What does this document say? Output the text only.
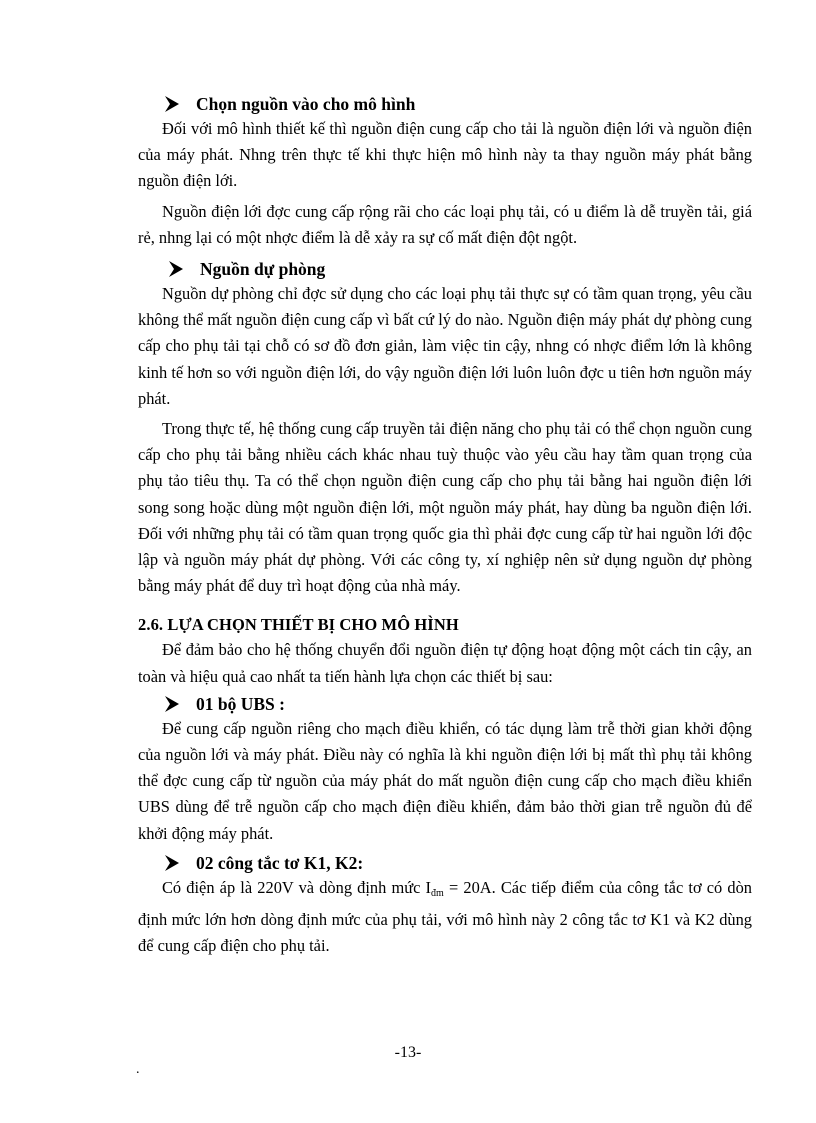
Chọn nguồn vào cho mô hình

Đối với mô hình thiết kế thì nguồn điện cung cấp cho tải là nguồn điện lới và nguồn điện của máy phát. Nhng trên thực tế khi thực hiện mô hình này ta thay nguồn máy phát bằng nguồn điện lới.

Nguồn điện lới đợc cung cấp rộng rãi cho các loại phụ tải, có u điểm là dễ truyền tải, giá rẻ, nhng lại có một nhợc điểm là dễ xảy ra sự cố mất điện đột ngột.

Nguồn dự phòng

Nguồn dự phòng chỉ đợc sử dụng cho các loại phụ tải thực sự có tầm quan trọng, yêu cầu không thể mất nguồn điện cung cấp vì bất cứ lý do nào. Nguồn điện máy phát dự phòng cung cấp cho phụ tải tại chỗ có sơ đồ đơn giản, làm việc tin cậy, nhng có nhợc điểm lớn là không kinh tế hơn so với nguồn điện lới, do vậy nguồn điện lới luôn luôn đợc u tiên hơn nguồn máy phát.

Trong thực tế, hệ thống cung cấp truyền tải điện năng cho phụ tải có thể chọn nguồn cung cấp cho phụ tải bằng nhiều cách khác nhau tuỳ thuộc vào yêu cầu hay tầm quan trọng của phụ tảo tiêu thụ. Ta có thể chọn nguồn điện cung cấp cho phụ tải bằng hai nguồn điện lới song song hoặc dùng một nguồn điện lới, một nguồn máy phát, hay dùng ba nguồn điện lới. Đối với những phụ tải có tầm quan trọng quốc gia thì phải đợc cung cấp từ hai nguồn lới độc lập và nguồn máy phát dự phòng. Với các công ty, xí nghiệp nên sử dụng nguồn dự phòng bằng máy phát để duy trì hoạt động của nhà máy.

2.6. LỰA CHỌN THIẾT BỊ CHO MÔ HÌNH

Để đảm bảo cho hệ thống chuyển đổi nguồn điện tự động hoạt động một cách tin cậy, an toàn và hiệu quả cao nhất ta tiến hành lựa chọn các thiết bị sau:

01 bộ UBS :

Để cung cấp nguồn riêng cho mạch điều khiển, có tác dụng làm trễ thời gian khởi động của nguồn lới và máy phát. Điều này có nghĩa là khi nguồn điện lới bị mất thì phụ tải không thể đợc cung cấp từ nguồn của máy phát do mất nguồn điện cung cấp cho mạch điều khiển UBS dùng để trễ nguồn cấp cho mạch điện điều khiển, đảm bảo thời gian trễ nguồn đủ để khởi động máy phát.

02 công tắc tơ K1, K2:

Có điện áp là 220V và dòng định mức $I_{đm} = 20A$. Các tiếp điểm của công tắc tơ có dòn định mức lớn hơn dòng định mức của phụ tải, với mô hình này 2 công tắc tơ K1 và K2 dùng để cung cấp điện cho phụ tải.

-13-
.
